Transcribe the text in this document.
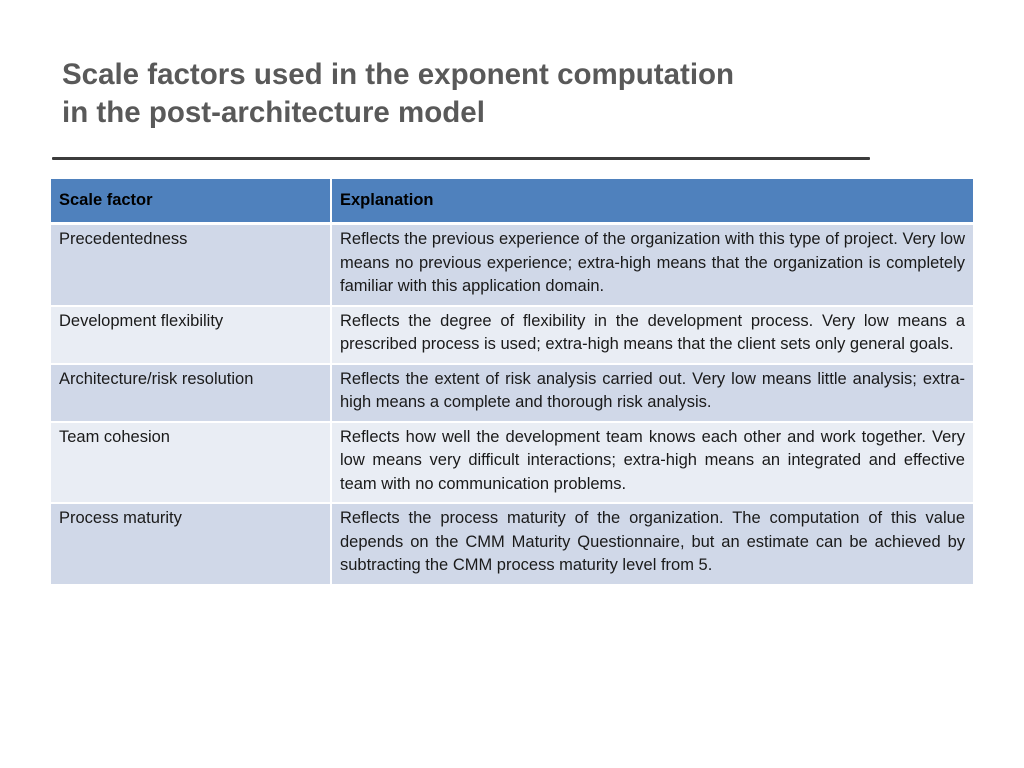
Scale factors used in the exponent computation
in the post-architecture model
Scale factor	Explanation
Precedentedness	Reflects the previous experience of the organization with this type of project. Very low means no previous experience; extra-high means that the organization is completely familiar with this application domain.
Development flexibility	Reflects the degree of flexibility in the development process. Very low means a prescribed process is used; extra-high means that the client sets only general goals.
Architecture/risk resolution	Reflects the extent of risk analysis carried out. Very low means little analysis; extra-high means a complete and thorough risk analysis.
Team cohesion	Reflects how well the development team knows each other and work together. Very low means very difficult interactions; extra-high means an integrated and effective team with no communication problems.
Process maturity	Reflects the process maturity of the organization. The computation of this value depends on the CMM Maturity Questionnaire, but an estimate can be achieved by subtracting the CMM process maturity level from 5.
